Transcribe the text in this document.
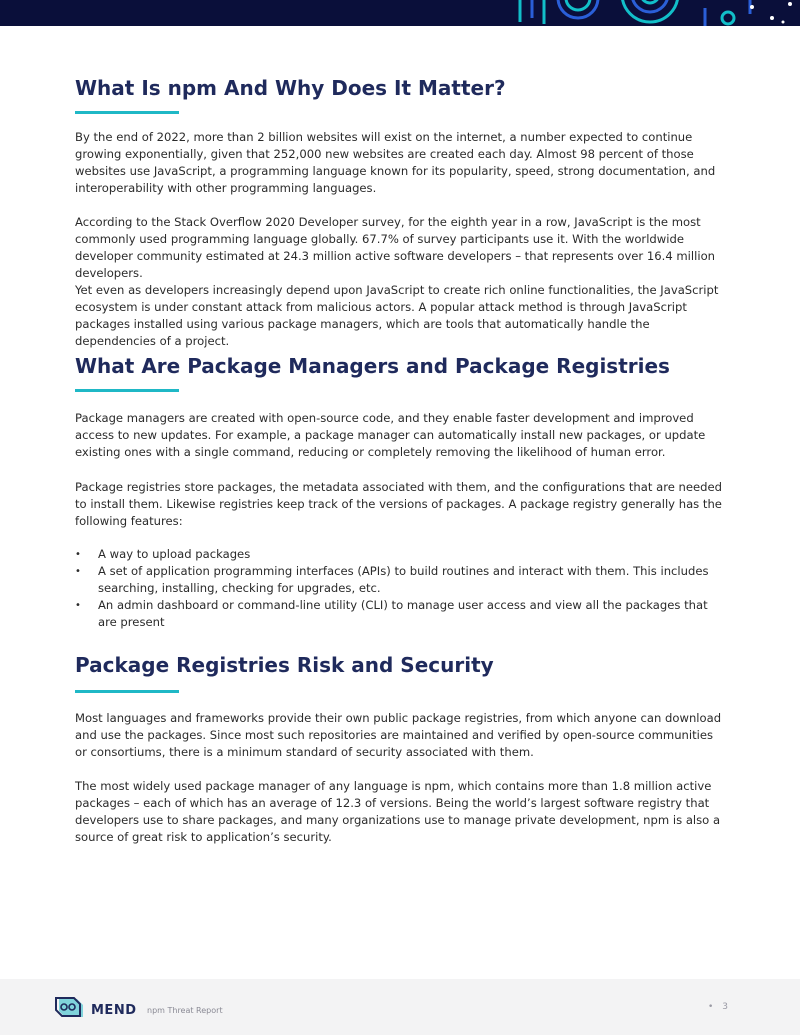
What Is npm And Why Does It Matter?

By the end of 2022, more than 2 billion websites will exist on the internet, a number expected to continue growing exponentially, given that 252,000 new websites are created each day. Almost 98 percent of those websites use JavaScript, a programming language known for its popularity, speed, strong documentation, and interoperability with other programming languages.

According to the Stack Overflow 2020 Developer survey, for the eighth year in a row, JavaScript is the most commonly used programming language globally. 67.7% of survey participants use it. With the worldwide developer community estimated at 24.3 million active software developers – that represents over 16.4 million developers.

Yet even as developers increasingly depend upon JavaScript to create rich online functionalities, the JavaScript ecosystem is under constant attack from malicious actors. A popular attack method is through JavaScript packages installed using various package managers, which are tools that automatically handle the dependencies of a project.

What Are Package Managers and Package Registries

Package managers are created with open-source code, and they enable faster development and improved access to new updates. For example, a package manager can automatically install new packages, or update existing ones with a single command, reducing or completely removing the likelihood of human error.

Package registries store packages, the metadata associated with them, and the configurations that are needed to install them. Likewise registries keep track of the versions of packages. A package registry generally has the following features:

• A way to upload packages
• A set of application programming interfaces (APIs) to build routines and interact with them. This includes searching, installing, checking for upgrades, etc.
• An admin dashboard or command-line utility (CLI) to manage user access and view all the packages that are present
Package Registries Risk and Security

Most languages and frameworks provide their own public package registries, from which anyone can download and use the packages. Since most such repositories are maintained and verified by open-source communities or consortiums, there is a minimum standard of security associated with them.

The most widely used package manager of any language is npm, which contains more than 1.8 million active packages – each of which has an average of 12.3 of versions. Being the world’s largest software registry that developers use to share packages, and many organizations use to manage private development, npm is also a source of great risk to application’s security.

MEND npm Threat Report	• 3
